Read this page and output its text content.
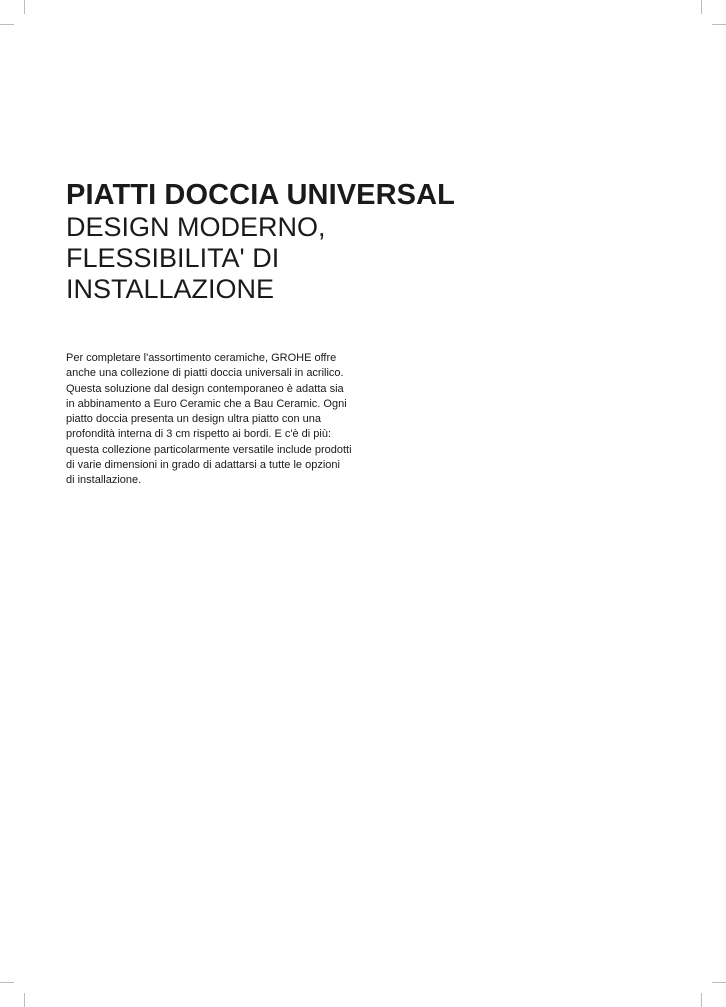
PIATTI DOCCIA UNIVERSAL
DESIGN MODERNO,
FLESSIBILITA' DI
INSTALLAZIONE
Per completare l'assortimento ceramiche, GROHE offre
anche una collezione di piatti doccia universali in acrilico.
Questa soluzione dal design contemporaneo è adatta sia
in abbinamento a Euro Ceramic che a Bau Ceramic. Ogni
piatto doccia presenta un design ultra piatto con una
profondità interna di 3 cm rispetto ai bordi. E c'è di più:
questa collezione particolarmente versatile include prodotti
di varie dimensioni in grado di adattarsi a tutte le opzioni
di installazione.
